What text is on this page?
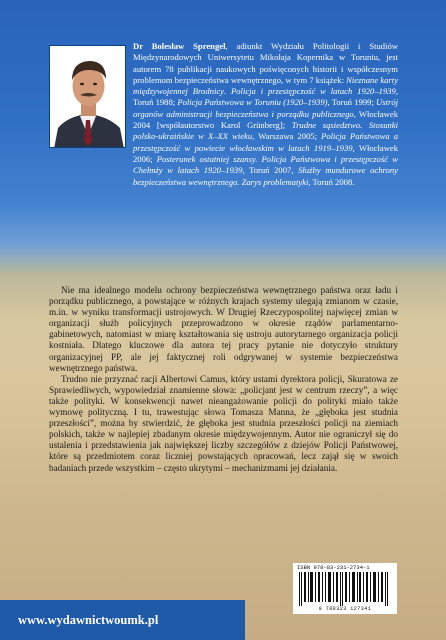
Dr Bolesław Sprengel, adiunkt Wydziału Politologii i Studiów Międzynarodowych Uniwersytetu Mikołaja Kopernika w Toruniu, jest autorem 78 publikacji naukowych poświęconych historii i współczesnym problemom bezpieczeństwa wewnętrznego, w tym 7 książek: Nieznane karty międzywojennej Brodnicy. Policja i przestępczość w latach 1920–1939, Toruń 1988; Policja Państwowa w Toruniu (1920–1939), Toruń 1999; Ustrój organów administracji bezpieczeństwa i porządku publicznego, Włocławek 2004 [współautorstwo Karol Grünberg]; Trudne sąsiedztwo. Stosunki polsko-ukraińskie w X–XX wieku, Warszawa 2005; Policja Państwowa a przestępczość w powiecie włocławskim w latach 1919–1939, Włocławek 2006; Posterunek ostatniej szansy. Policja Państwowa i przestępczość w Chełmży w latach 1920–1939, Toruń 2007, Służby mundurowe ochrony bezpieczeństwa wewnętrznego. Zarys problematyki, Toruń 2008.

Nie ma idealnego modelu ochrony bezpieczeństwa wewnętrznego państwa oraz ładu i porządku publicznego, a powstające w różnych krajach systemy ulegają zmianom w czasie, m.in. w wyniku transformacji ustrojowych. W Drugiej Rzeczypospolitej najwięcej zmian w organizacji służb policyjnych przeprowadzono w okresie rządów parlamentarno-gabinetowych, natomiast w miarę kształtowania się ustroju autorytarnego organizacja policji kostniała. Dlatego kluczowe dla autora tej pracy pytanie nie dotyczyło struktury organizacyjnej PP, ale jej faktycznej roli odgrywanej w systemie bezpieczeństwa wewnętrznego państwa.

Trudno nie przyznać racji Albertowi Camus, który ustami dyrektora policji, Skuratowa ze Sprawiedliwych, wypowiedział znamienne słowa: „policjant jest w centrum rzeczy”, a więc także polityki. W konsekwencji nawet nieangażowanie policji do polityki miało także wymowę polityczną. I tu, trawestując słowa Tomasza Manna, że „głęboka jest studnia przeszłości”, można by stwierdzić, że głęboka jest studnia przeszłości policji na ziemiach polskich, także w najlepiej zbadanym okresie międzywojennym. Autor nie ograniczył się do ustalenia i przedstawienia jak największej liczby szczegółów z dziejów Policji Państwowej, które są przedmiotem coraz liczniej powstających opracowań, lecz zajął się w swoich badaniach przede wszystkim – często ukrytymi – mechanizmami jej działania.

ISBN 978-83-231-2734-1
9 788323 127341
www.wydawnictwoumk.pl
